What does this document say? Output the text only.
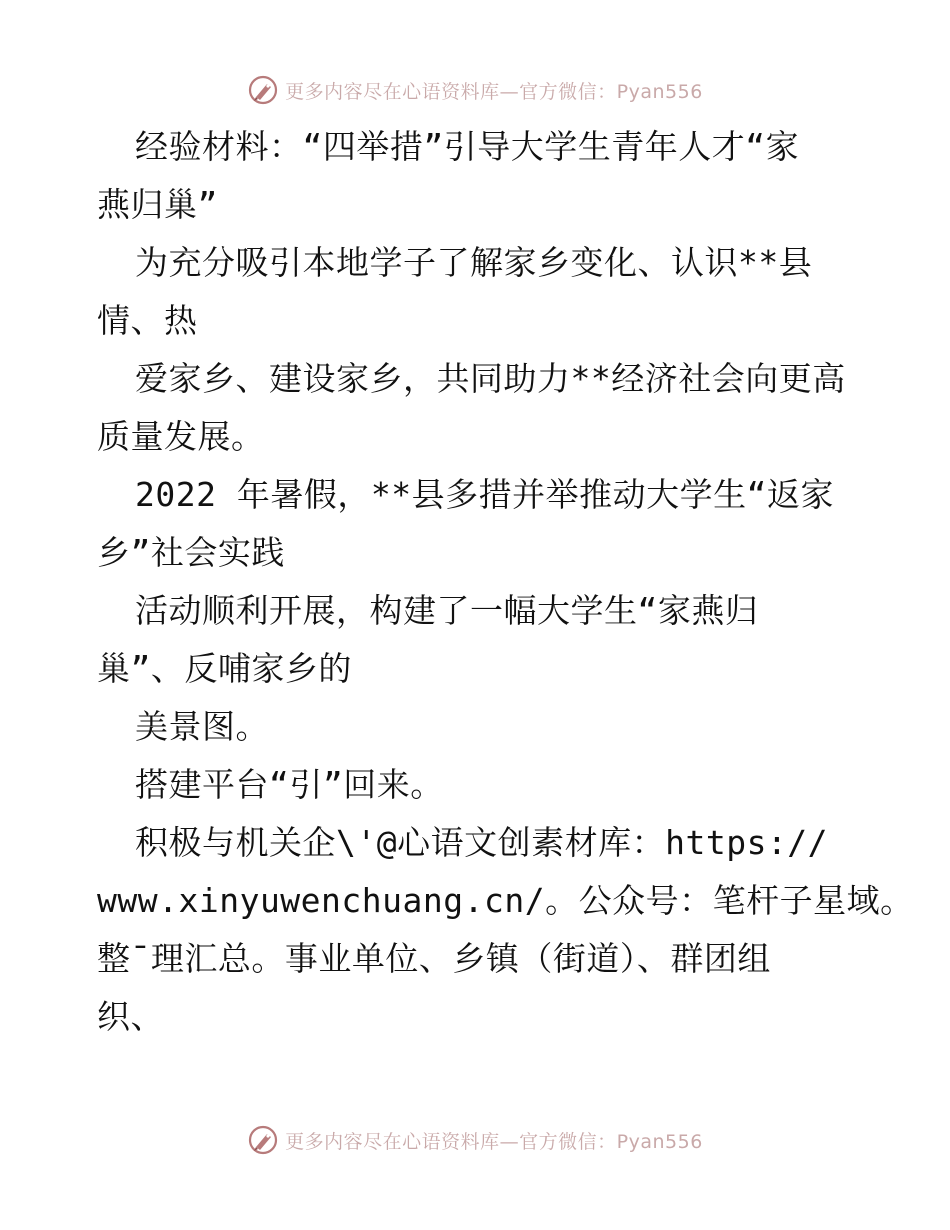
更多内容尽在心语资料库— 官方微信：Pyan556
经验材料：“四举措”引导大学生青年人才“家
燕归巢”
为充分吸引本地学子了解家乡变化、认识**县
情、热
爱家乡、建设家乡，共同助力**经济社会向更高
质量发展。
2022 年暑假，**县多措并举推动大学生“返家
乡”社会实践
活动顺利开展，构建了一幅大学生“家燕归
巢”、反哺家乡的
美景图。
搭建平台“引”回来。
积极与机关企\'@心语文创素材库：https://
www.xinyuwenchuang.cn/。公众号：笔杆子星域。
整¯理汇总。事业单位、乡镇（街道）、群团组
织、
更多内容尽在心语资料库— 官方微信：Pyan556
